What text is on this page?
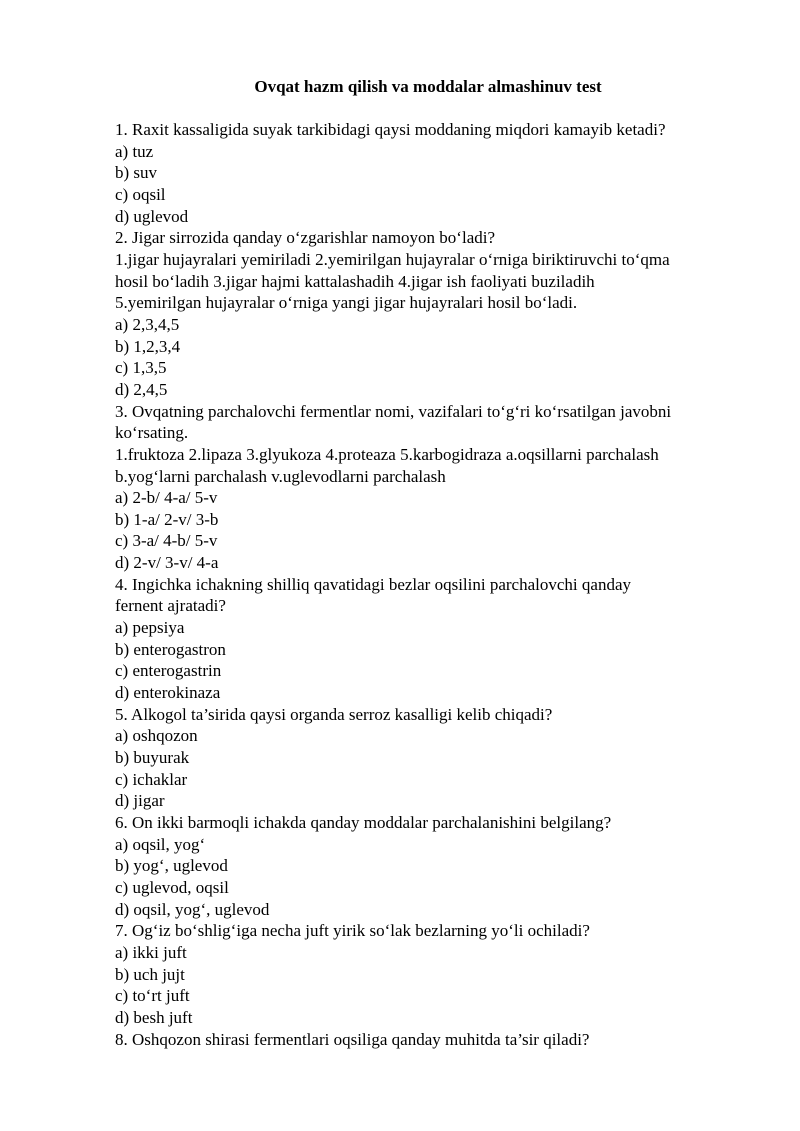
Ovqat hazm qilish va moddalar almashinuv test
1. Raxit kassaligida suyak tarkibidagi qaysi moddaning miqdori kamayib ketadi?
a) tuz
b) suv
c) oqsil
d) uglevod
2. Jigar sirrozida qanday o‘zgarishlar namoyon bo‘ladi?
1.jigar hujayralari yemiriladi 2.yemirilgan hujayralar o‘rniga biriktiruvchi to‘qma
hosil bo‘ladih 3.jigar hajmi kattalashadih 4.jigar ish faoliyati buziladih
5.yemirilgan hujayralar o‘rniga yangi jigar hujayralari hosil bo‘ladi.
a) 2,3,4,5
b) 1,2,3,4
c) 1,3,5
d) 2,4,5
3. Ovqatning parchalovchi fermentlar nomi, vazifalari to‘g‘ri ko‘rsatilgan javobni
ko‘rsating.
1.fruktoza 2.lipaza 3.glyukoza 4.proteaza 5.karbogidraza a.oqsillarni parchalash
b.yog‘larni parchalash v.uglevodlarni parchalash
a) 2-b/ 4-a/ 5-v
b) 1-a/ 2-v/ 3-b
c) 3-a/ 4-b/ 5-v
d) 2-v/ 3-v/ 4-a
4. Ingichka ichakning shilliq qavatidagi bezlar oqsilini parchalovchi qanday
fernent ajratadi?
a) pepsiya
b) enterogastron
c) enterogastrin
d) enterokinaza
5. Alkogol ta’sirida qaysi organda serroz kasalligi kelib chiqadi?
a) oshqozon
b) buyurak
c) ichaklar
d) jigar
6. On ikki barmoqli ichakda qanday moddalar parchalanishini belgilang?
a) oqsil, yog‘
b) yog‘, uglevod
c) uglevod, oqsil
d) oqsil, yog‘, uglevod
7. Og‘iz bo‘shlig‘iga necha juft yirik so‘lak bezlarning yo‘li ochiladi?
a) ikki juft
b) uch jujt
c) to‘rt juft
d) besh juft
8. Oshqozon shirasi fermentlari oqsiliga qanday muhitda ta’sir qiladi?
